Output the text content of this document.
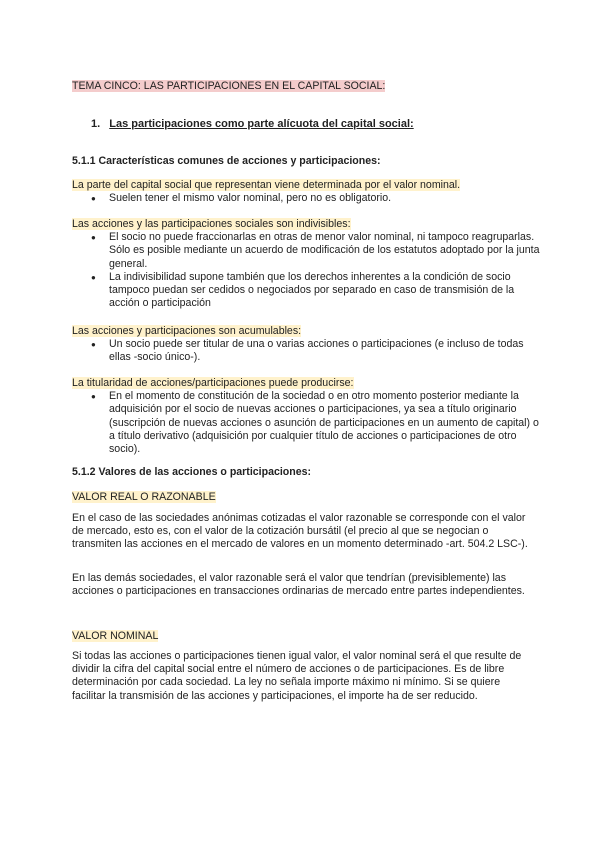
TEMA CINCO: LAS PARTICIPACIONES EN EL CAPITAL SOCIAL:
1. Las participaciones como parte alícuota del capital social:
5.1.1 Características comunes de acciones y participaciones:
La parte del capital social que representan viene determinada por el valor nominal.
● Suelen tener el mismo valor nominal, pero no es obligatorio.
Las acciones y las participaciones sociales son indivisibles:
● El socio no puede fraccionarlas en otras de menor valor nominal, ni tampoco reagruparlas. Sólo es posible mediante un acuerdo de modificación de los estatutos adoptado por la junta general.
● La indivisibilidad supone también que los derechos inherentes a la condición de socio tampoco puedan ser cedidos o negociados por separado en caso de transmisión de la acción o participación
Las acciones y participaciones son acumulables:
● Un socio puede ser titular de una o varias acciones o participaciones (e incluso de todas ellas -socio único-).
La titularidad de acciones/participaciones puede producirse:
● En el momento de constitución de la sociedad o en otro momento posterior mediante la adquisición por el socio de nuevas acciones o participaciones, ya sea a título originario (suscripción de nuevas acciones o asunción de participaciones en un aumento de capital) o a título derivativo (adquisición por cualquier título de acciones o participaciones de otro socio).
5.1.2 Valores de las acciones o participaciones:
VALOR REAL O RAZONABLE
En el caso de las sociedades anónimas cotizadas el valor razonable se corresponde con el valor de mercado, esto es, con el valor de la cotización bursátil (el precio al que se negocian o transmiten las acciones en el mercado de valores en un momento determinado -art. 504.2 LSC-).
En las demás sociedades, el valor razonable será el valor que tendrían (previsiblemente) las acciones o participaciones en transacciones ordinarias de mercado entre partes independientes.
VALOR NOMINAL
Si todas las acciones o participaciones tienen igual valor, el valor nominal será el que resulte de dividir la cifra del capital social entre el número de acciones o de participaciones. Es de libre determinación por cada sociedad. La ley no señala importe máximo ni mínimo. Si se quiere facilitar la transmisión de las acciones y participaciones, el importe ha de ser reducido.
